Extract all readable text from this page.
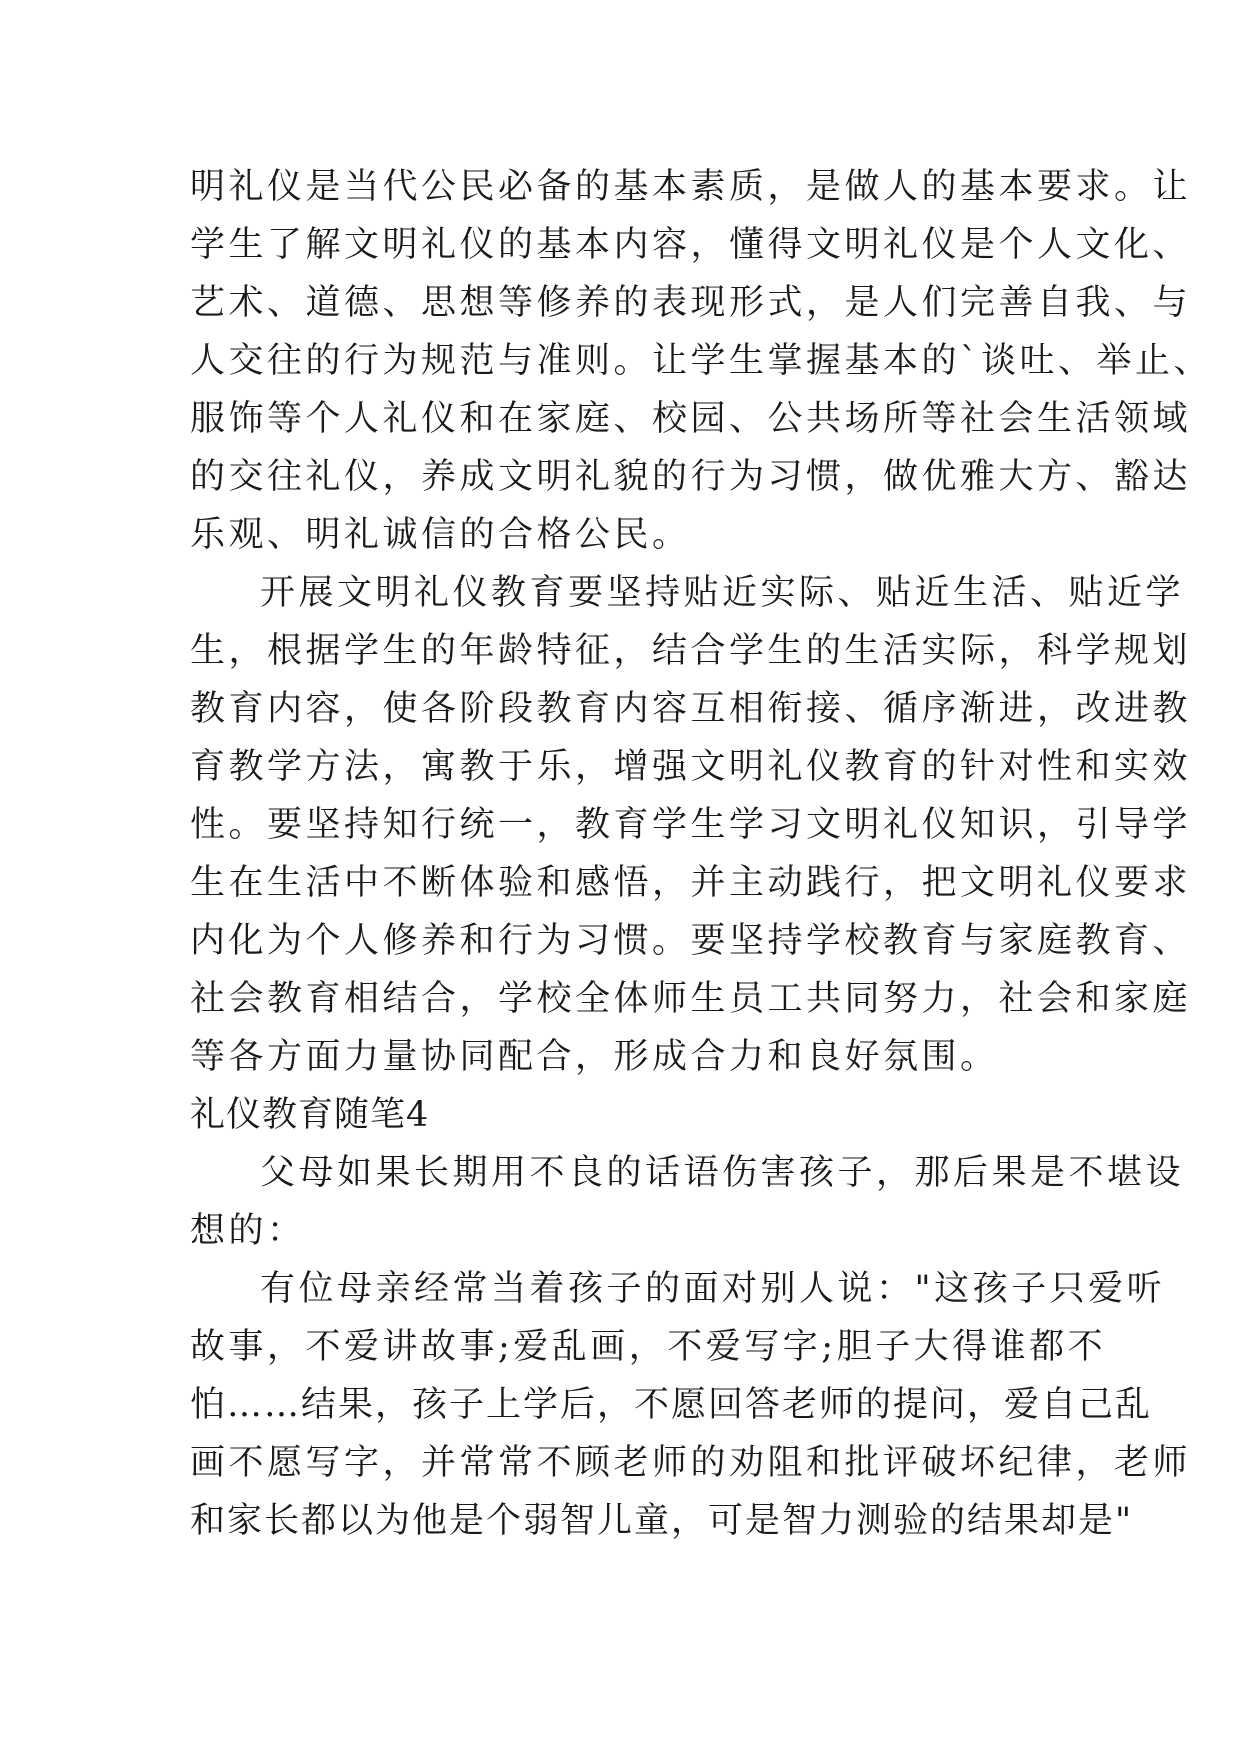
明礼仪是当代公民必备的基本素质，是做人的基本要求。让
学生了解文明礼仪的基本内容，懂得文明礼仪是个人文化、
艺术、道德、思想等修养的表现形式，是人们完善自我、与
人交往的行为规范与准则。让学生掌握基本的`谈吐、举止、
服饰等个人礼仪和在家庭、校园、公共场所等社会生活领域
的交往礼仪，养成文明礼貌的行为习惯，做优雅大方、豁达
乐观、明礼诚信的合格公民。
开展文明礼仪教育要坚持贴近实际、贴近生活、贴近学
生，根据学生的年龄特征，结合学生的生活实际，科学规划
教育内容，使各阶段教育内容互相衔接、循序渐进，改进教
育教学方法，寓教于乐，增强文明礼仪教育的针对性和实效
性。要坚持知行统一，教育学生学习文明礼仪知识，引导学
生在生活中不断体验和感悟，并主动践行，把文明礼仪要求
内化为个人修养和行为习惯。要坚持学校教育与家庭教育、
社会教育相结合，学校全体师生员工共同努力，社会和家庭
等各方面力量协同配合，形成合力和良好氛围。
礼仪教育随笔4
父母如果长期用不良的话语伤害孩子，那后果是不堪设
想的：
有位母亲经常当着孩子的面对别人说："这孩子只爱听
故事，不爱讲故事;爱乱画，不爱写字;胆子大得谁都不
怕……结果，孩子上学后，不愿回答老师的提问，爱自己乱
画不愿写字，并常常不顾老师的劝阻和批评破坏纪律，老师
和家长都以为他是个弱智儿童，可是智力测验的结果却是"
